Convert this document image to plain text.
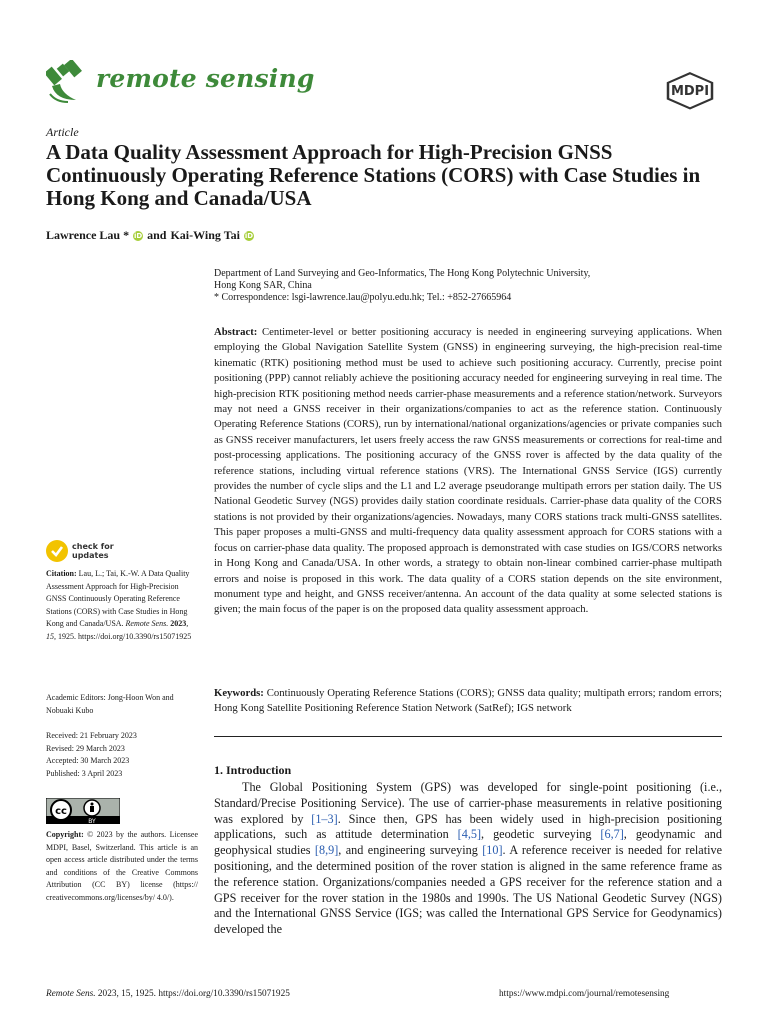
remote sensing	MDPI
Article
A Data Quality Assessment Approach for High-Precision GNSS Continuously Operating Reference Stations (CORS) with Case Studies in Hong Kong and Canada/USA
Lawrence Lau * iD and Kai-Wing Tai iD
Department of Land Surveying and Geo-Informatics, The Hong Kong Polytechnic University,
Hong Kong SAR, China
* Correspondence: lsgi-lawrence.lau@polyu.edu.hk; Tel.: +852-27665964
Abstract: Centimeter-level or better positioning accuracy is needed in engineering surveying applications. When employing the Global Navigation Satellite System (GNSS) in engineering surveying, the high-precision real-time kinematic (RTK) positioning method must be used to achieve such positioning accuracy. Currently, precise point positioning (PPP) cannot reliably achieve the positioning accuracy needed for engineering surveying in real time. The high-precision RTK positioning method needs carrier-phase measurements and a reference station/network. Surveyors may not need a GNSS receiver in their organizations/companies to act as the reference station. Continuously Operating Reference Stations (CORS), run by international/national organizations/agencies or private companies such as GNSS receiver manufacturers, let users freely access the raw GNSS measurements or corrections for real-time and post-processing applications. The positioning accuracy of the GNSS rover is affected by the data quality of the reference stations, including virtual reference stations (VRS). The International GNSS Service (IGS) currently provides the number of cycle slips and the L1 and L2 average pseudorange multipath errors per station daily. The US National Geodetic Survey (NGS) provides daily station coordinate residuals. Carrier-phase data quality of the CORS stations is not provided by their organizations/agencies. Nowadays, many CORS stations track multi-GNSS satellites. This paper proposes a multi-GNSS and multi-frequency data quality assessment approach for CORS stations with a focus on carrier-phase data quality. The proposed approach is demonstrated with case studies on IGS/CORS networks in Hong Kong and Canada/USA. In other words, a strategy to obtain non-linear combined carrier-phase multipath errors and noise is proposed in this work. The data quality of a CORS station depends on the site environment, monument type and height, and GNSS receiver/antenna. An account of the data quality at some selected stations is given; the main focus of the paper is on the proposed data quality assessment approach.
Keywords: Continuously Operating Reference Stations (CORS); GNSS data quality; multipath errors; random errors; Hong Kong Satellite Positioning Reference Station Network (SatRef); IGS network
1. Introduction
The Global Positioning System (GPS) was developed for single-point positioning (i.e., Standard/Precise Positioning Service). The use of carrier-phase measurements in relative positioning was explored by [1–3]. Since then, GPS has been widely used in high-precision positioning applications, such as attitude determination [4,5], geodetic surveying [6,7], geodynamic and geophysical studies [8,9], and engineering surveying [10]. A reference receiver is needed for relative positioning, and the determined position of the rover station is aligned in the same reference frame as the reference station. Organizations/companies needed a GPS receiver for the reference station and a GPS receiver for the rover station in the 1980s and 1990s. The US National Geodetic Survey (NGS) and the International GNSS Service (IGS; was called the International GPS Service for Geodynamics) developed the
check for
updates
Citation: Lau, L.; Tai, K.-W. A Data Quality Assessment Approach for High-Precision GNSS Continuously Operating Reference Stations (CORS) with Case Studies in Hong Kong and Canada/USA. Remote Sens. 2023, 15, 1925. https://doi.org/10.3390/rs15071925
Academic Editors: Jong-Hoon Won and Nobuaki Kubo
Received: 21 February 2023
Revised: 29 March 2023
Accepted: 30 March 2023
Published: 3 April 2023
cc
BY
Copyright: © 2023 by the authors. Licensee MDPI, Basel, Switzerland. This article is an open access article distributed under the terms and conditions of the Creative Commons Attribution (CC BY) license (https:// creativecommons.org/licenses/by/ 4.0/).
Remote Sens. 2023, 15, 1925. https://doi.org/10.3390/rs15071925	https://www.mdpi.com/journal/remotesensing
